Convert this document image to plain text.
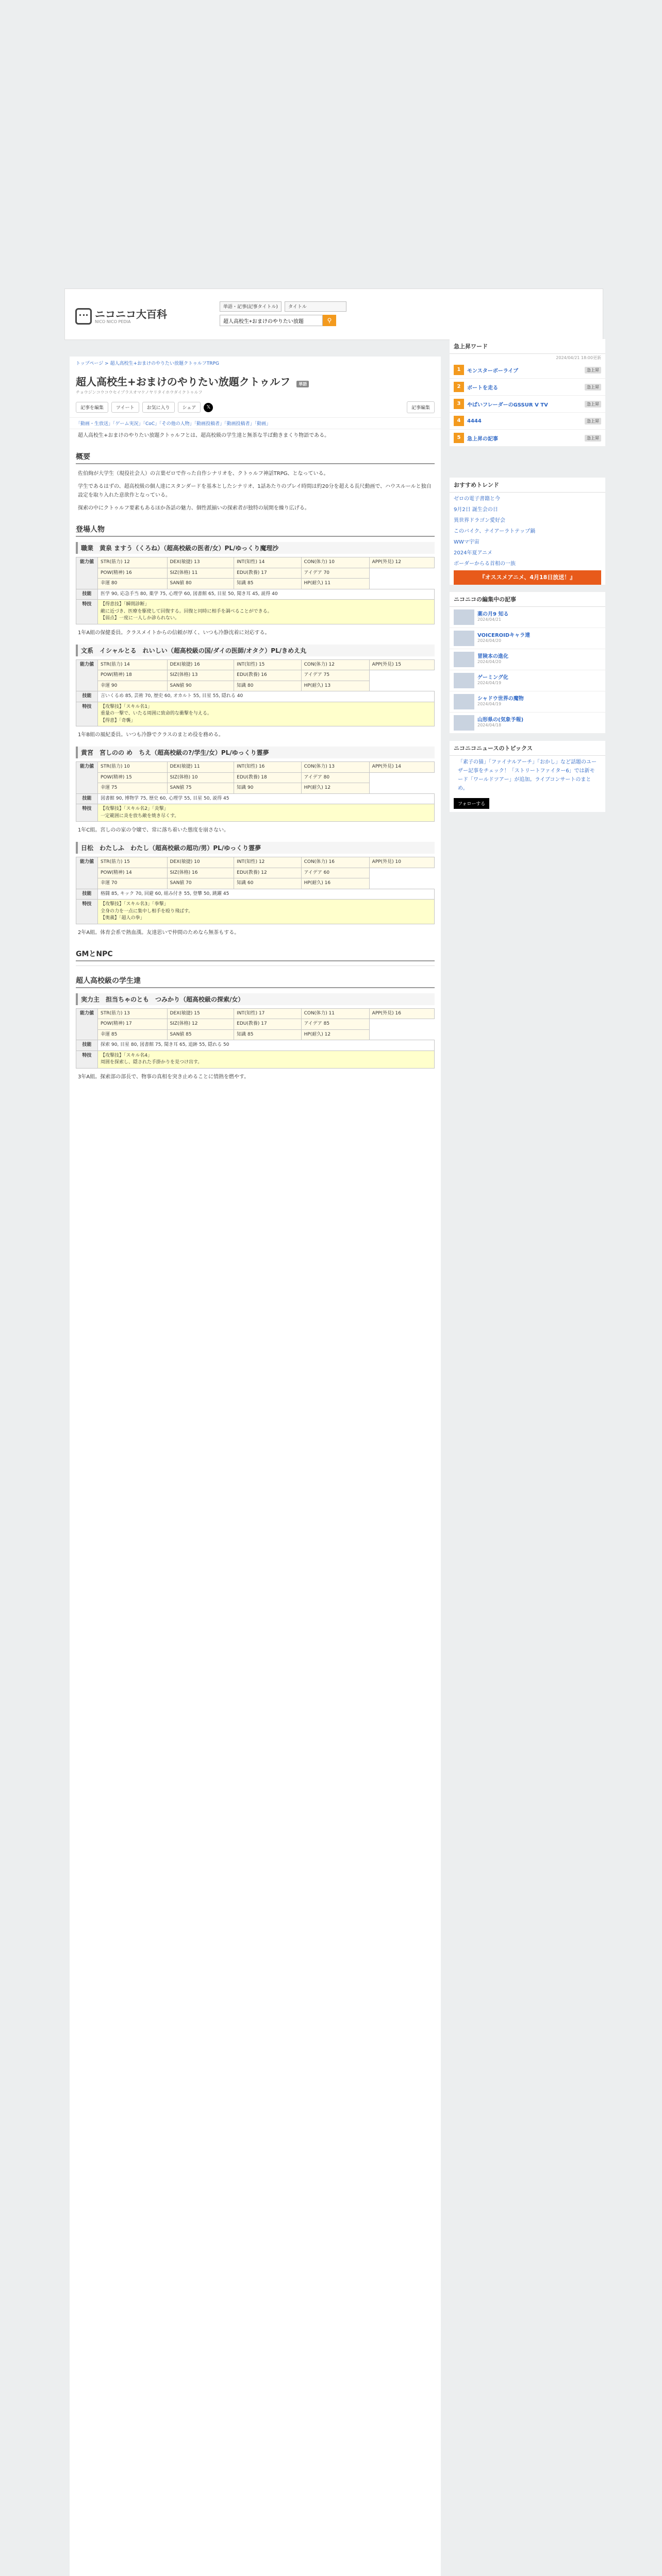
ニコニコ大百科
NICO NICO PEDIA
単語・記事(記事タイトル)	タイトル
超人高校生+おまけのやりたい放題
⚲
トップページ > 超人高校生+おまけのやりたい放題クトゥルフTRPG
超人高校生+おまけのやりたい放題クトゥルフ 単語
チョウジンコウコウセイプラスオマケノヤリタイホウダイクトゥルフ
記事を編集	ツイート	お気に入り	シェア	𝕏	記事編集
「動画・生放送」「ゲーム実況」「CoC」「その他の人物」「動画投稿者」「動画投稿者」「動画」
超人高校生+おまけのやりたい放題クトゥルフとは、超高校級の学生達と無茶な半ば動きまくり物語である。
概要
佐伯絢が大学生（現役社会人）の言葉ゼロで作った自作シナリオを、クトゥルフ神話TRPG、となっている。
学生であるはずの、超高校級の個人達にスタンダードを基本としたシナリオ、1話あたりのプレイ時間は約20分を超える長尺動画で、ハウスルールと独自設定を取り入れた意欲作となっている。
探索の中にクトゥルフ要素もあるほか各話の魅力、個性派揃いの探索者が独特の展開を繰り広げる。
登場人物
職業　黄泉 ますう（くろね）（超高校級の医者/女）PL/ゆっくり魔理沙
能力値	STR(筋力) 12	DEX(敏捷) 13	INT(知性) 14	CON(体力) 10	APP(外見) 12
	POW(精神) 16	SIZ(体格) 11	EDU(教養) 17	アイデア 70	
	幸運 80	SAN値 80	知識 85	HP(耐久) 11	
技能	医学 90, 応急手当 80, 薬学 75, 心理学 60, 図書館 65, 目星 50, 聞き耳 45, 説得 40				
特技	【得意技】「瞬間診断」
敵に近づき、医療を駆使して回復する。回復と同時に相手を調べることができる。
【弱点】一度に一人しか診られない。				
1年A組の保健委員。クラスメイトからの信頼が厚く、いつも冷静沈着に対応する。
文系　イシャルとる　れいしい（超高校級の国/ダイの医師/オタク）PL/きめえ丸
能力値	STR(筋力) 14	DEX(敏捷) 16	INT(知性) 15	CON(体力) 12	APP(外見) 15
	POW(精神) 18	SIZ(体格) 13	EDU(教養) 16	アイデア 75	
	幸運 90	SAN値 90	知識 80	HP(耐久) 13	
技能	言いくるめ 85, 芸術 70, 歴史 60, オカルト 55, 目星 55, 隠れる 40				
特技	【攻撃技】「スキル名1」
重量の一撃で、いたる周囲に致命的な衝撃を与える。
【得意】「奇襲」				
1年B組の風紀委員。いつも冷静でクラスのまとめ役を務める。
黄宮　宮しのの め　ちえ（超高校級の?/学生/女）PL/ゆっくり霊夢
能力値	STR(筋力) 10	DEX(敏捷) 11	INT(知性) 16	CON(体力) 13	APP(外見) 14
	POW(精神) 15	SIZ(体格) 10	EDU(教養) 18	アイデア 80	
	幸運 75	SAN値 75	知識 90	HP(耐久) 12	
技能	図書館 90, 博物学 75, 歴史 60, 心理学 55, 目星 50, 説得 45				
特技	【攻撃技】「スキル名2」「炎撃」
一定範囲に炎を放ち敵を焼き尽くす。				
1年C組。宮しのの家の令嬢で、常に落ち着いた態度を崩さない。
日松　わたしふ　わたし（超高校級の超功/男）PL/ゆっくり霊夢
能力値	STR(筋力) 15	DEX(敏捷) 10	INT(知性) 12	CON(体力) 16	APP(外見) 10
	POW(精神) 14	SIZ(体格) 16	EDU(教養) 12	アイデア 60	
	幸運 70	SAN値 70	知識 60	HP(耐久) 16	
技能	格闘 85, キック 70, 回避 60, 組み付き 55, 登攀 50, 跳躍 45				
特技	【攻撃技】「スキル名3」「拳撃」
全身の力を一点に集中し相手を殴り飛ばす。
【奥義】「超人の拳」				
2年A組。体育会系で熱血漢。友達思いで仲間のためなら無茶もする。
GMとNPC
超人高校級の学生達
実力主　担当ちゃのとも　つみかり（超高校級の探索/女）
能力値	STR(筋力) 13	DEX(敏捷) 15	INT(知性) 17	CON(体力) 11	APP(外見) 16
	POW(精神) 17	SIZ(体格) 12	EDU(教養) 17	アイデア 85	
	幸運 85	SAN値 85	知識 85	HP(耐久) 12	
技能	探索 90, 目星 80, 図書館 75, 聞き耳 65, 追跡 55, 隠れる 50				
特技	【攻撃技】「スキル名4」
周囲を探索し、隠された手掛かりを見つけ出す。				
3年A組。探索部の部長で、物事の真相を突き止めることに情熱を燃やす。
急上昇ワード
2024/04/21 18:00更新
1	モンスターボーライブ	急上昇
2	ボートを走る	急上昇
3	やばいフレーダーのGSSUR V TV	急上昇
4	4444	急上昇
5	急上昇の記事	急上昇
おすすめトレンド
ゼロの電子書籍と今
9月2日 誕生会の日
異世界ドラゴン愛好会
このバイク、ナイアーラトテップ鍋
WWマ宇宙
2024年夏アニメ
ボーダーからる首相の一族
『オススメアニメ、4月18日放送！』
ニコニコの編集中の記事
薬の月9 知る
2024/04/21
VOICEROIDキャラ達
2024/04/20
冒険本の進化
2024/04/20
ゲーミング化
2024/04/19
シャドウ世界の魔物
2024/04/19
山形県の(気象予報)
2024/04/18
ニコニコニュースのトピックス
「素子の猫」「ファイナルアーチ」「おかし」など話題のユーザー記事をチェック！「ストリートファイター6」では新モード「ワールドツアー」が追加。ライブコンサートのまとめ。
フォローする
